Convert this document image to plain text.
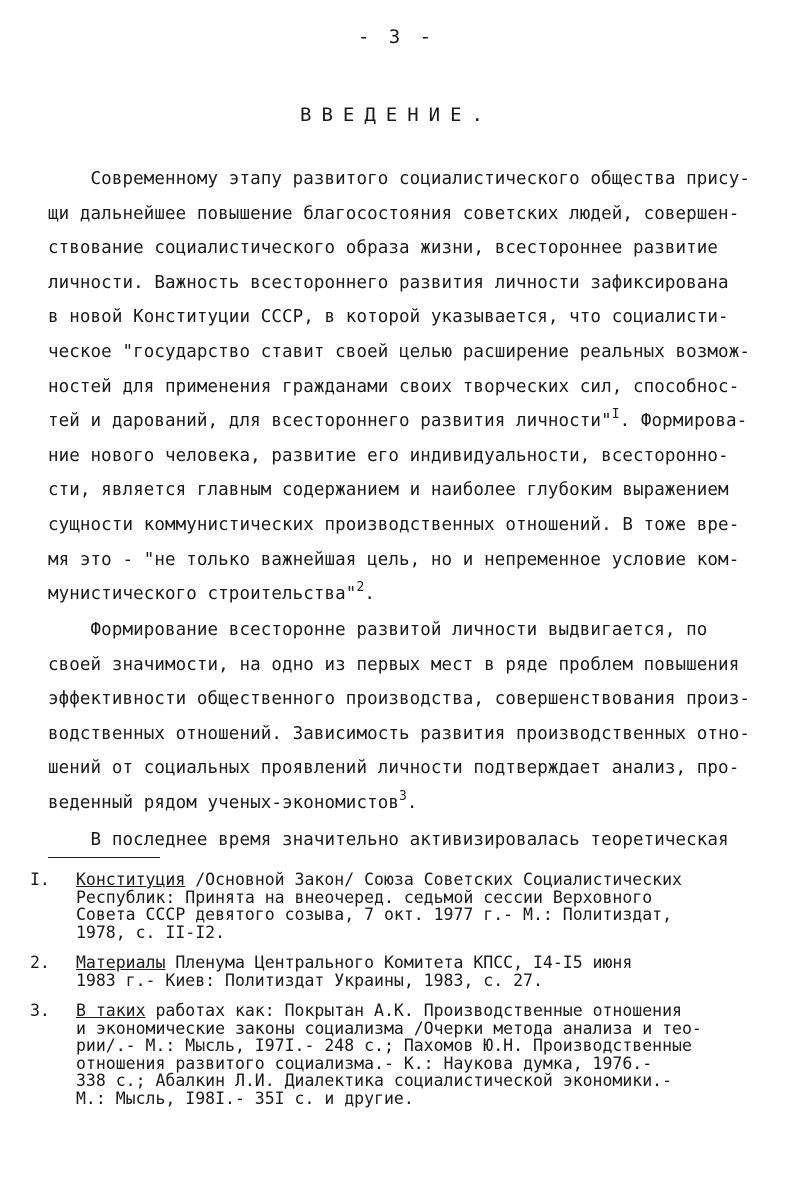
- 3 -
ВВЕДЕНИЕ.
Современному этапу развитого социалистического общества прису-
щи дальнейшее повышение благосостояния советских людей, совершен-
ствование социалистического образа жизни, всестороннее развитие
личности. Важность всестороннего развития личности зафиксирована
в новой Конституции СССР, в которой указывается, что социалисти-
ческое "государство ставит своей целью расширение реальных возмож-
ностей для применения гражданами своих творческих сил, способнос-
тей и дарований, для всестороннего развития личности"$^I$. Формирова-
ние нового человека, развитие его индивидуальности, всесторонно-
сти, является главным содержанием и наиболее глубоким выражением
сущности коммунистических производственных отношений. В тоже вре-
мя это - "не только важнейшая цель, но и непременное условие ком-
мунистического строительства"$^2$.
Формирование всесторонне развитой личности выдвигается, по
своей значимости, на одно из первых мест в ряде проблем повышения
эффективности общественного производства, совершенствования произ-
водственных отношений. Зависимость развития производственных отно-
шений от социальных проявлений личности подтверждает анализ, про-
веденный рядом ученых-экономистов$^3$.
В последнее время значительно активизировалась теоретическая
I. Конституция /Основной Закон/ Союза Советских Социалистических
Республик: Принята на внеочеред. седьмой сессии Верховного
Совета СССР девятого созыва, 7 окт. 1977 г.- М.: Политиздат,
1978, с. II-I2.
2. Материалы Пленума Центрального Комитета КПСС, I4-I5 июня
1983 г.- Киев: Политиздат Украины, 1983, с. 27.
3. В таких работах как: Покрытан А.К. Производственные отношения
и экономические законы социализма /Очерки метода анализа и тео-
рии/.- М.: Мысль, I97I.- 248 с.; Пахомов Ю.Н. Производственные
отношения развитого социализма.- К.: Наукова думка, 1976.-
338 с.; Абалкин Л.И. Диалектика социалистической экономики.-
М.: Мысль, I98I.- 35I с. и другие.
